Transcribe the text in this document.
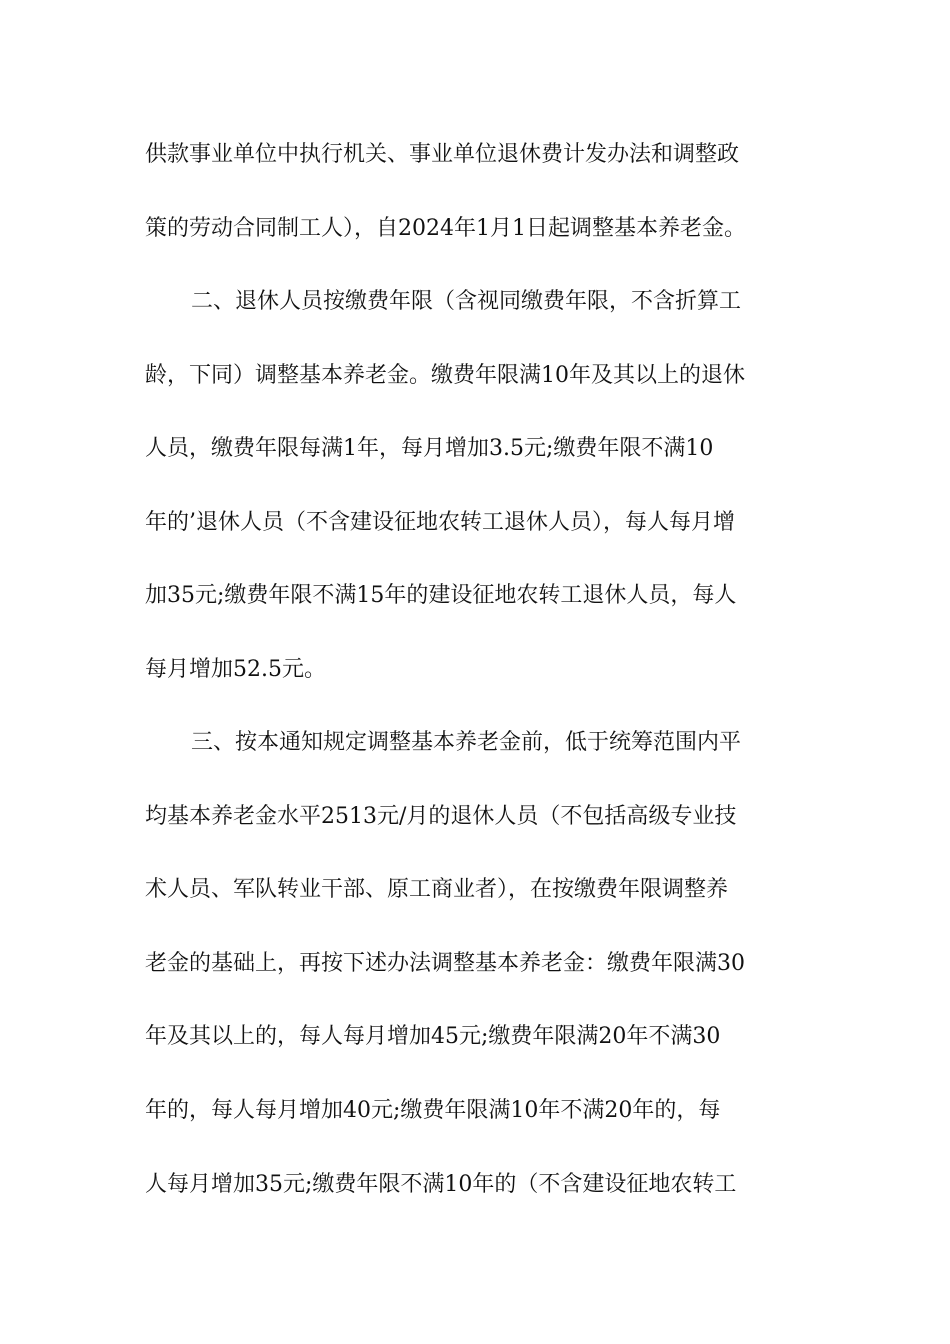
供款事业单位中执行机关、事业单位退休费计发办法和调整政
策的劳动合同制工人），自2024年1月1日起调整基本养老金。
二、退休人员按缴费年限（含视同缴费年限，不含折算工
龄，下同）调整基本养老金。缴费年限满10年及其以上的退休
人员，缴费年限每满1年，每月增加3.5元;缴费年限不满10
年的’退休人员（不含建设征地农转工退休人员），每人每月增
加35元;缴费年限不满15年的建设征地农转工退休人员，每人
每月增加52.5元。
三、按本通知规定调整基本养老金前，低于统筹范围内平
均基本养老金水平2513元/月的退休人员（不包括高级专业技
术人员、军队转业干部、原工商业者），在按缴费年限调整养
老金的基础上，再按下述办法调整基本养老金：缴费年限满30
年及其以上的，每人每月增加45元;缴费年限满20年不满30
年的，每人每月增加40元;缴费年限满10年不满20年的，每
人每月增加35元;缴费年限不满10年的（不含建设征地农转工
